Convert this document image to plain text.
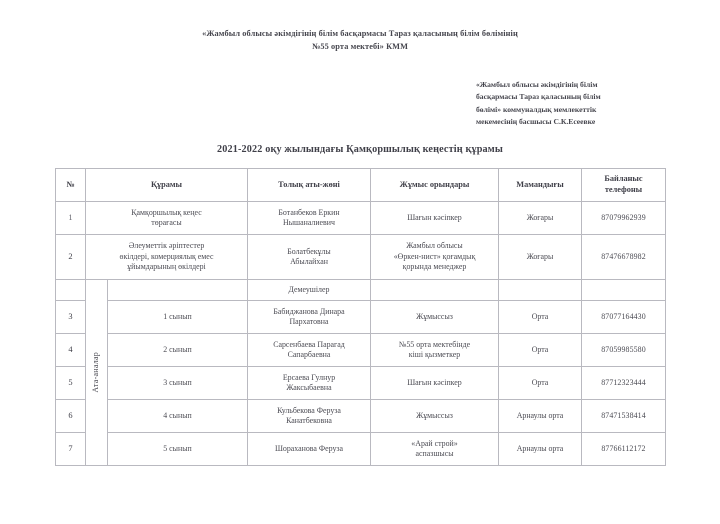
«Жамбыл облысы әкімдігінің білім басқармасы Тараз қаласының білім бөлімінің
№55 орта мектебі» КММ
«Жамбыл облысы әкімдігінің білім
басқармасы Тараз қаласының білім
бөлімі» коммуналдық мемлекеттік
мекемесінің басшысы С.К.Есеевке
2021-2022 оқу жылындағы Қамқоршылық кеңестің құрамы
№	Құрамы		Толық аты-жөні	Жұмыс орындары	Мамандығы	Байланыс
телефоны

1	Қамқоршылық кеңес
төрағасы		Ботанбеков Еркин
Нышаналиевич	Шағын кәсіпкер	Жоғары	87079962939
2	Әлеуметтік әріптестер
өкілдері, комерциялық емес
ұйымдарының өкілдері		Болатбекұлы
Абылайхан	Жамбыл облысы
«Өркен-нист» қоғамдық
қорында менеджер	Жоғары	87476678982

	Ата-аналар		Демеушілер			
3		1 сынып	Бабиджанова Динара
Пархатовна	Жұмыссыз	Орта	87077164430
4		2 сынып	Сарсенбаева Парагад
Сапарбаевна	№55 орта мектебінде
кіші қызметкер	Орта	87059985580
5		3 сынып	Ерсаева Гулнур
Жаксыбаевна	Шағын кәсіпкер	Орта	87712323444
6		4 сынып	Кульбекова Феруза
Канатбековна	Жұмыссыз	Арнаулы орта	87471538414
7		5 сынып	Шораханова Феруза	«Арай строй»
аспазшысы	Арнаулы орта	87766112172
